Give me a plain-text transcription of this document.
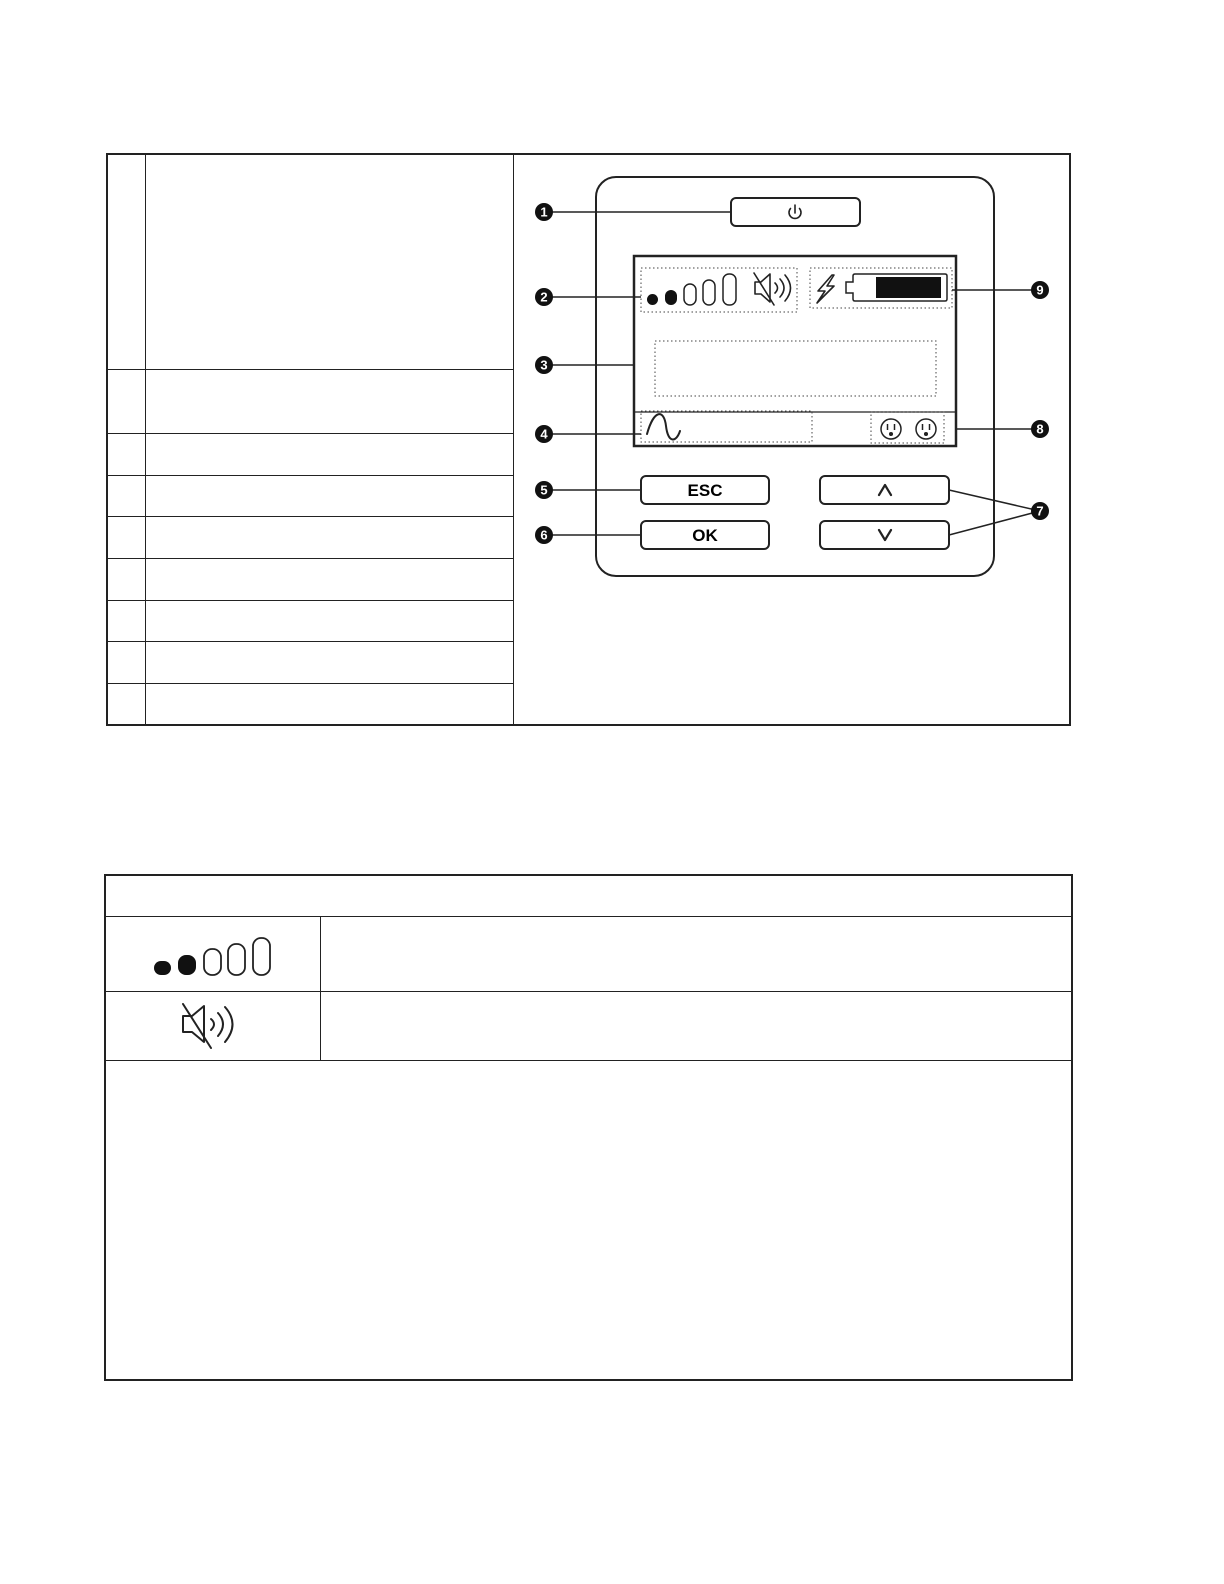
ESC
OK
1
2
3
4
5
6
7
8
9
